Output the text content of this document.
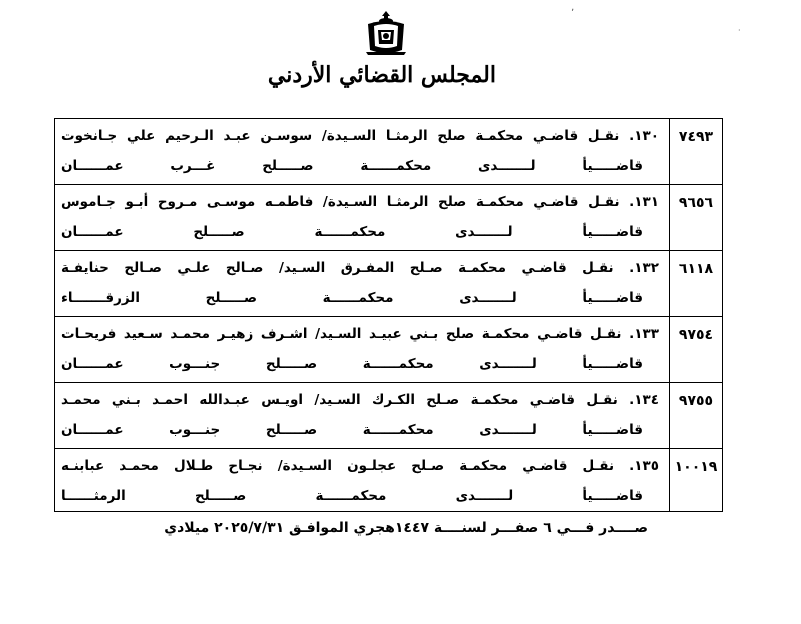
المجلس القضائي الأردني
٬
·
٧٤٩٣	١٣٠. نقـل قاضـي محكمـة صلح الرمثـا السـيدة/ سوسـن عبـد الـرحيم علي جـانخوت
قاضـــــيأ لـــــــدى محكمــــــة صـــــلح غـــرب عمــــــان

٩٦٥٦	١٣١. نقـل قاضـي محكمـة صلح الرمثـا السـيدة/ فاطمـه موسـى مـروح أبـو جـاموس
قاضـــــيأ لـــــــدى محكمــــــة صـــــلح عمــــــان

٦١١٨	١٣٢. نقـل قاضـي محكمـة صـلح المفـرق السـيد/ صـالح علـي صـالح حنايفـة
قاضـــــيأ لـــــــدى محكمــــــة صـــــلح الزرقـــــــاء

٩٧٥٤	١٣٣. نقـل قاضـي محكمـة صلح بـني عبيـد السـيد/ اشـرف زهيـر محمـد سـعيد فريحـات
قاضـــــيأ لـــــــدى محكمــــــة صـــــلح جنـــوب عمــــــان

٩٧٥٥	١٣٤. نقـل قاضـي محكمـة صـلح الكـرك السـيد/ اويـس عبـدالله احمـد بـني محمـد
قاضـــــيأ لـــــــدى محكمــــــة صـــــلح جنـــوب عمــــــان

١٠٠١٩	١٣٥. نقـل قاضـي محكمـة صـلح عجلـون السـيدة/ نجـاح طـلال محمـد عبابنـه
قاضـــــيأ لـــــــدى محكمــــــة صـــــلح الرمثــــــا
صــــدر فـــي ٦ صفـــر لسنــــة ١٤٤٧هجري الموافـق ٢٠٢٥/٧/٣١ ميلادي
